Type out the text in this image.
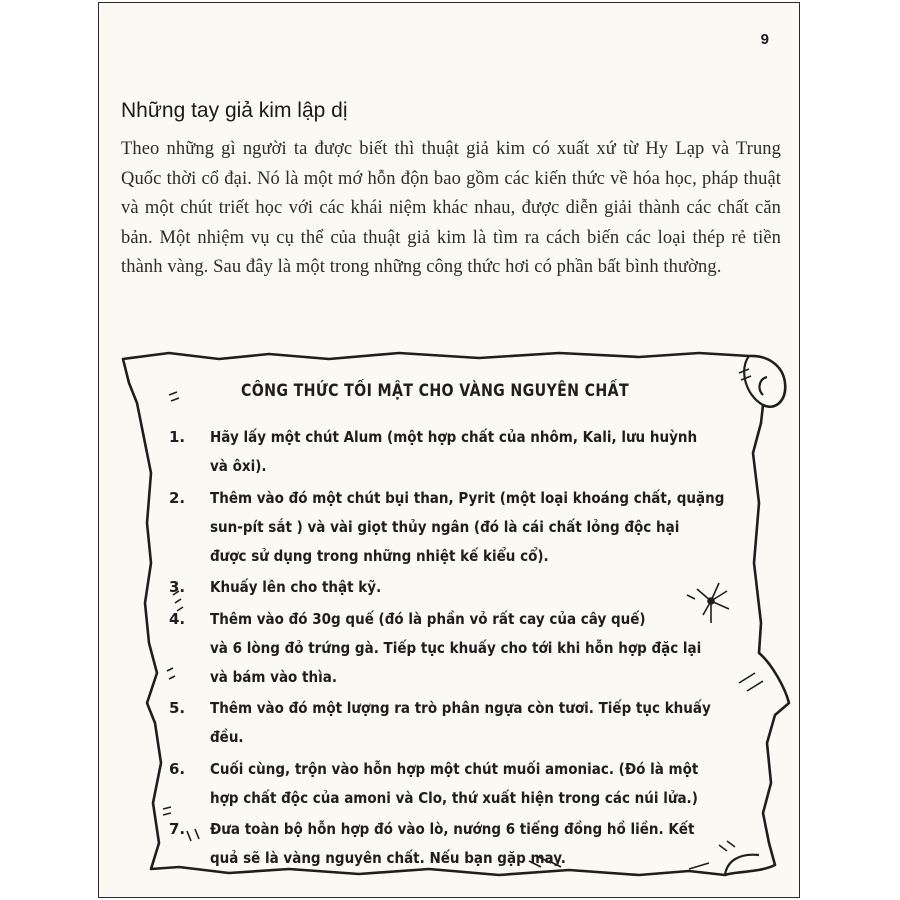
9
Những tay giả kim lập dị

Theo những gì người ta được biết thì thuật giả kim có xuất xứ từ Hy Lạp và Trung Quốc thời cổ đại. Nó là một mớ hỗn độn bao gồm các kiến thức về hóa học, pháp thuật và một chút triết học với các khái niệm khác nhau, được diễn giải thành các chất căn bản. Một nhiệm vụ cụ thể của thuật giả kim là tìm ra cách biến các loại thép rẻ tiền thành vàng. Sau đây là một trong những công thức hơi có phần bất bình thường.

CÔNG THỨC TỐI MẬT CHO VÀNG NGUYÊN CHẤT
1.	Hãy lấy một chút Alum (một hợp chất của nhôm, Kali, lưu huỳnh
và ôxi).
2.	Thêm vào đó một chút bụi than, Pyrit (một loại khoáng chất, quặng
sun-pít sắt ) và vài giọt thủy ngân (đó là cái chất lỏng độc hại
được sử dụng trong những nhiệt kế kiểu cổ).
3.	Khuấy lên cho thật kỹ.
4.	Thêm vào đó 30g quế (đó là phần vỏ rất cay của cây quế)
và 6 lòng đỏ trứng gà. Tiếp tục khuấy cho tới khi hỗn hợp đặc lại
và bám vào thìa.
5.	Thêm vào đó một lượng ra trò phân ngựa còn tươi. Tiếp tục khuấy đều.
6.	Cuối cùng, trộn vào hỗn hợp một chút muối amoniac. (Đó là một
hợp chất độc của amoni và Clo, thứ xuất hiện trong các núi lửa.)
7.	Đưa toàn bộ hỗn hợp đó vào lò, nướng 6 tiếng đồng hồ liền. Kết
quả sẽ là vàng nguyên chất. Nếu bạn gặp may.
